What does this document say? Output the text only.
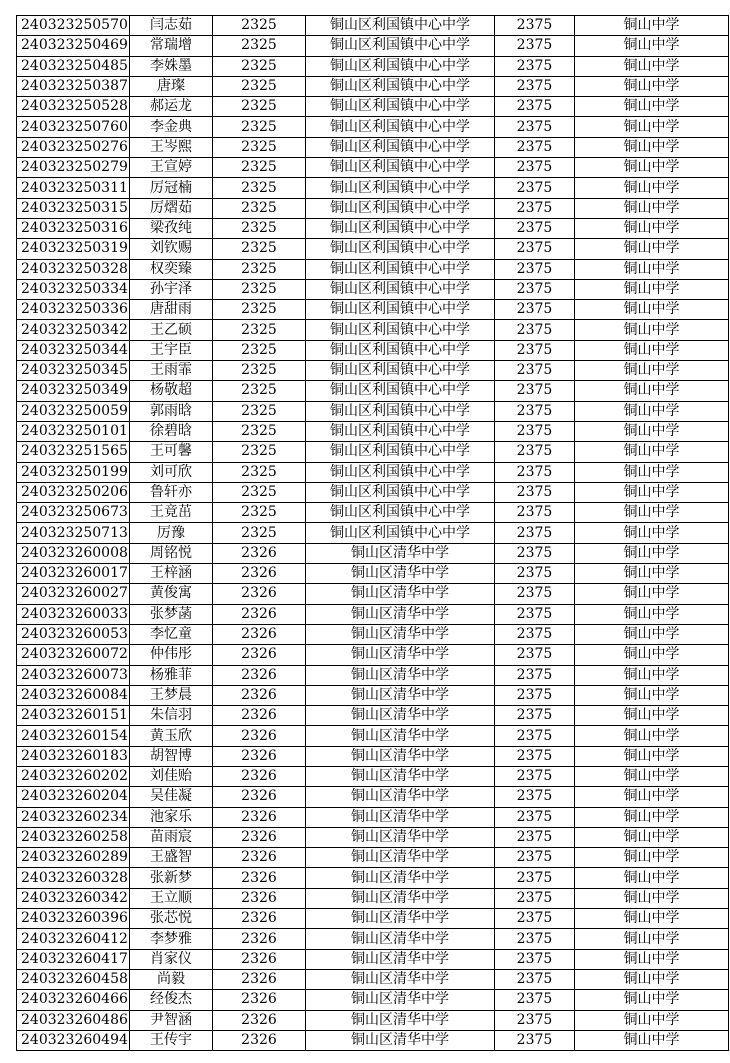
240323250570	闫志茹	2325	铜山区利国镇中心中学	2375	铜山中学
240323250469	常瑞增	2325	铜山区利国镇中心中学	2375	铜山中学
240323250485	李姝墨	2325	铜山区利国镇中心中学	2375	铜山中学
240323250387	唐璨	2325	铜山区利国镇中心中学	2375	铜山中学
240323250528	郝运龙	2325	铜山区利国镇中心中学	2375	铜山中学
240323250760	李金典	2325	铜山区利国镇中心中学	2375	铜山中学
240323250276	王岑熙	2325	铜山区利国镇中心中学	2375	铜山中学
240323250279	王宣婷	2325	铜山区利国镇中心中学	2375	铜山中学
240323250311	厉冠楠	2325	铜山区利国镇中心中学	2375	铜山中学
240323250315	厉熠茹	2325	铜山区利国镇中心中学	2375	铜山中学
240323250316	梁孜纯	2325	铜山区利国镇中心中学	2375	铜山中学
240323250319	刘钦赐	2325	铜山区利国镇中心中学	2375	铜山中学
240323250328	权奕臻	2325	铜山区利国镇中心中学	2375	铜山中学
240323250334	孙宇泽	2325	铜山区利国镇中心中学	2375	铜山中学
240323250336	唐甜雨	2325	铜山区利国镇中心中学	2375	铜山中学
240323250342	王乙硕	2325	铜山区利国镇中心中学	2375	铜山中学
240323250344	王宇臣	2325	铜山区利国镇中心中学	2375	铜山中学
240323250345	王雨霏	2325	铜山区利国镇中心中学	2375	铜山中学
240323250349	杨敬超	2325	铜山区利国镇中心中学	2375	铜山中学
240323250059	郭雨晗	2325	铜山区利国镇中心中学	2375	铜山中学
240323250101	徐碧晗	2325	铜山区利国镇中心中学	2375	铜山中学
240323251565	王可馨	2325	铜山区利国镇中心中学	2375	铜山中学
240323250199	刘可欣	2325	铜山区利国镇中心中学	2375	铜山中学
240323250206	鲁轩亦	2325	铜山区利国镇中心中学	2375	铜山中学
240323250673	王竟茁	2325	铜山区利国镇中心中学	2375	铜山中学
240323250713	厉豫	2325	铜山区利国镇中心中学	2375	铜山中学
240323260008	周铭悦	2326	铜山区清华中学	2375	铜山中学
240323260017	王梓涵	2326	铜山区清华中学	2375	铜山中学
240323260027	黄俊寓	2326	铜山区清华中学	2375	铜山中学
240323260033	张梦菡	2326	铜山区清华中学	2375	铜山中学
240323260053	李忆童	2326	铜山区清华中学	2375	铜山中学
240323260072	仲伟彤	2326	铜山区清华中学	2375	铜山中学
240323260073	杨雅菲	2326	铜山区清华中学	2375	铜山中学
240323260084	王梦晨	2326	铜山区清华中学	2375	铜山中学
240323260151	朱信羽	2326	铜山区清华中学	2375	铜山中学
240323260154	黄玉欣	2326	铜山区清华中学	2375	铜山中学
240323260183	胡智博	2326	铜山区清华中学	2375	铜山中学
240323260202	刘佳贻	2326	铜山区清华中学	2375	铜山中学
240323260204	吴佳凝	2326	铜山区清华中学	2375	铜山中学
240323260234	池家乐	2326	铜山区清华中学	2375	铜山中学
240323260258	苗雨宸	2326	铜山区清华中学	2375	铜山中学
240323260289	王盛智	2326	铜山区清华中学	2375	铜山中学
240323260328	张新梦	2326	铜山区清华中学	2375	铜山中学
240323260342	王立顺	2326	铜山区清华中学	2375	铜山中学
240323260396	张芯悦	2326	铜山区清华中学	2375	铜山中学
240323260412	李梦雅	2326	铜山区清华中学	2375	铜山中学
240323260417	肖家仪	2326	铜山区清华中学	2375	铜山中学
240323260458	尚毅	2326	铜山区清华中学	2375	铜山中学
240323260466	经俊杰	2326	铜山区清华中学	2375	铜山中学
240323260486	尹智涵	2326	铜山区清华中学	2375	铜山中学
240323260494	王传宇	2326	铜山区清华中学	2375	铜山中学
